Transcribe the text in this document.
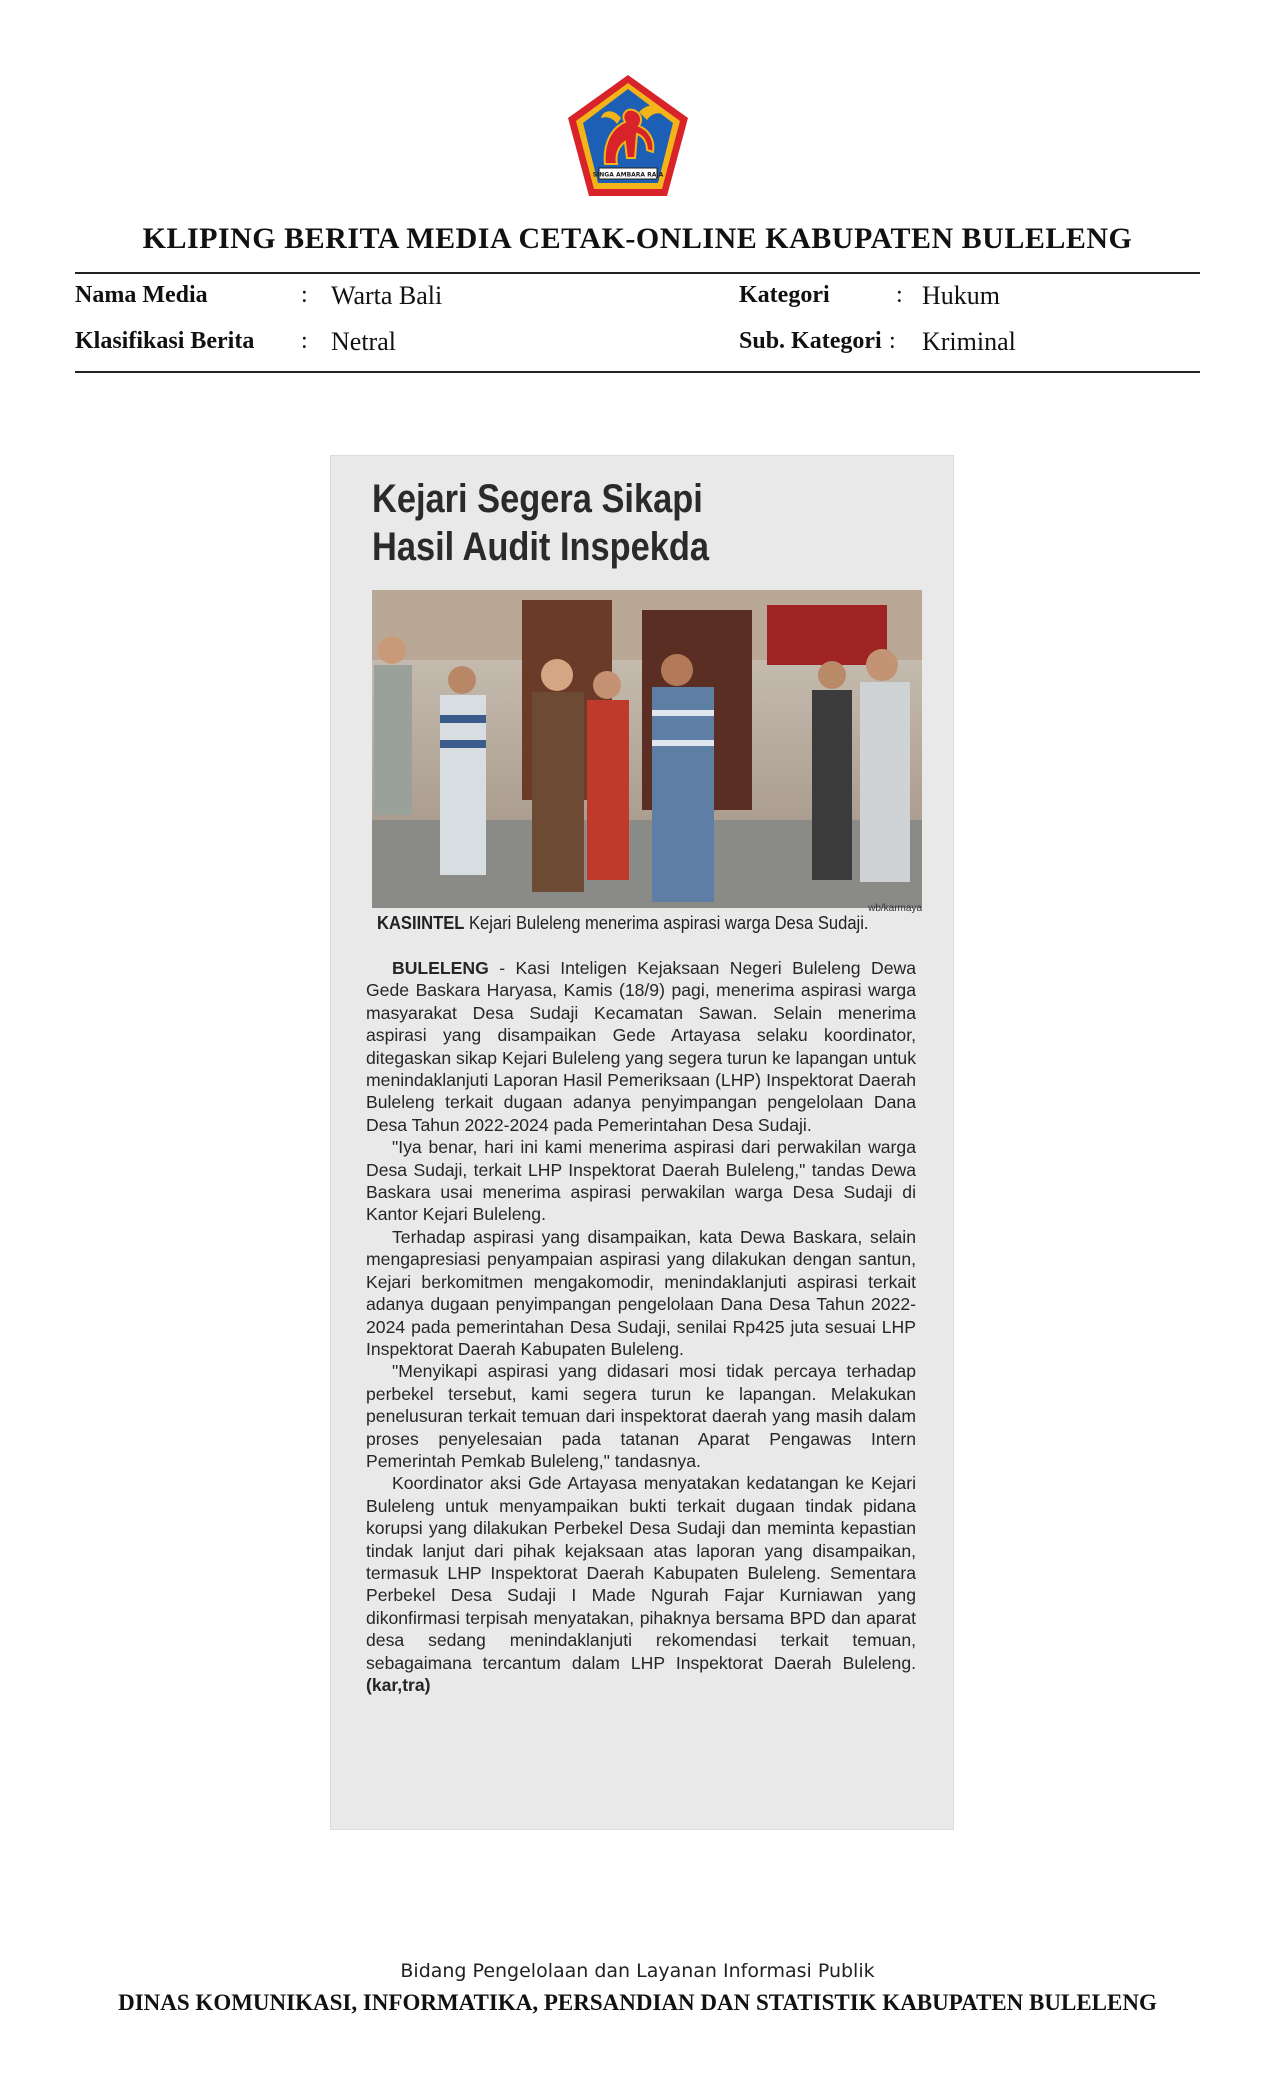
SINGA AMBARA RAJA
KLIPING BERITA MEDIA CETAK-ONLINE KABUPATEN BULELENG
Nama Media	: Warta Bali
Klasifikasi Berita : Netral
Kategori	: Hukum
Sub. Kategori : Kriminal
Kejari Segera Sikapi
Hasil Audit Inspekda
wb/karmaya
KASIINTEL Kejari Buleleng menerima aspirasi warga Desa Sudaji.

BULELENG - Kasi Inteligen Kejaksaan Negeri Buleleng Dewa Gede Baskara Haryasa, Kamis (18/9) pagi, menerima aspirasi warga masyarakat Desa Sudaji Kecamatan Sawan. Selain menerima aspirasi yang disampaikan Gede Artayasa selaku koordinator, ditegaskan sikap Kejari Buleleng yang segera turun ke lapangan untuk menindaklanjuti Laporan Hasil Pemeriksaan (LHP) Inspektorat Daerah Buleleng terkait dugaan adanya penyimpangan pengelolaan Dana Desa Tahun 2022-2024 pada Pemerintahan Desa Sudaji.

"Iya benar, hari ini kami menerima aspirasi dari perwakilan warga Desa Sudaji, terkait LHP Inspektorat Daerah Buleleng," tandas Dewa Baskara usai menerima aspirasi perwakilan warga Desa Sudaji di Kantor Kejari Buleleng.

Terhadap aspirasi yang disampaikan, kata Dewa Baskara, selain mengapresiasi penyampaian aspirasi yang dilakukan dengan santun, Kejari berkomitmen mengakomodir, menindaklanjuti aspirasi terkait adanya dugaan penyimpangan pengelolaan Dana Desa Tahun 2022-2024 pada pemerintahan Desa Sudaji, senilai Rp425 juta sesuai LHP Inspektorat Daerah Kabupaten Buleleng.

"Menyikapi aspirasi yang didasari mosi tidak percaya terhadap perbekel tersebut, kami segera turun ke lapangan. Melakukan penelusuran terkait temuan dari inspektorat daerah yang masih dalam proses penyelesaian pada tatanan Aparat Pengawas Intern Pemerintah Pemkab Buleleng," tandasnya.

Koordinator aksi Gde Artayasa menyatakan kedatangan ke Kejari Buleleng untuk menyampaikan bukti terkait dugaan tindak pidana korupsi yang dilakukan Perbekel Desa Sudaji dan meminta kepastian tindak lanjut dari pihak kejaksaan atas laporan yang disampaikan, termasuk LHP Inspektorat Daerah Kabupaten Buleleng. Sementara Perbekel Desa Sudaji I Made Ngurah Fajar Kurniawan yang dikonfirmasi terpisah menyatakan, pihaknya bersama BPD dan aparat desa sedang menindaklanjuti rekomendasi terkait temuan, sebagaimana tercantum dalam LHP Inspektorat Daerah Buleleng. (kar,tra)

Bidang Pengelolaan dan Layanan Informasi Publik
DINAS KOMUNIKASI, INFORMATIKA, PERSANDIAN DAN STATISTIK KABUPATEN BULELENG
